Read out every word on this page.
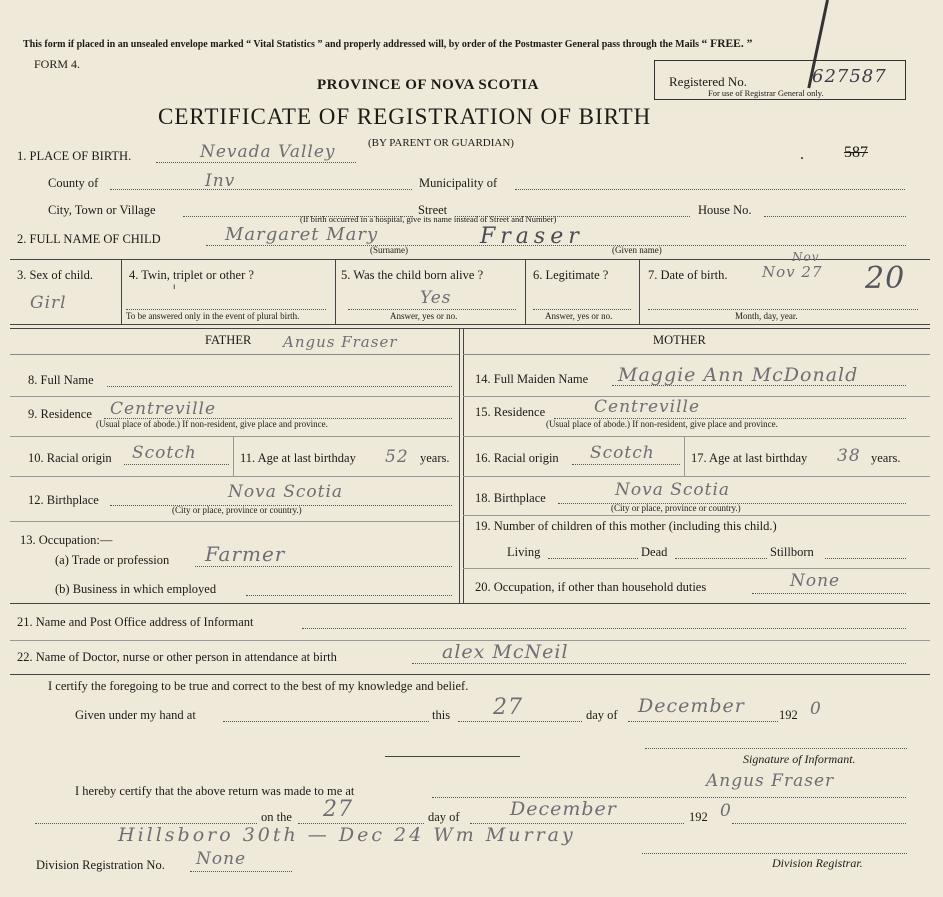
This form if placed in an unsealed envelope marked “ Vital Statistics ” and properly addressed will, by order of the Postmaster General pass through the Mails “ FREE. ”
FORM 4.
PROVINCE OF NOVA SCOTIA
CERTIFICATE OF REGISTRATION OF BIRTH
(BY PARENT OR GUARDIAN)
Registered No.	627587
For use of Registrar General only.
.	587
1. PLACE OF BIRTH.	Nevada Valley
County of	Inv	Municipality of
City, Town or Village	Street	House No.
(If birth occurred in a hospital, give its name instead of Street and Number)
2. FULL NAME OF CHILD	Margaret Mary	Fraser
(Surname)	(Given name)
3. Sex of child.
Girl
4. Twin, triplet or other ?
'
To be answered only in the event of plural birth.
5. Was the child born alive ?
Yes
Answer, yes or no.
6. Legitimate ?
Answer, yes or no.
7. Date of birth. Nov 27
Nov
20
Month, day, year.
FATHER Angus Fraser	MOTHER
8. Full Name
9. Residence Centreville
(Usual place of abode.) If non-resident, give place and province.
10. Racial origin Scotch	11. Age at last birthday 52 years.
12. Birthplace	Nova Scotia
(City or place, province or country.)
13. Occupation:—
(a) Trade or profession Farmer
(b) Business in which employed
14. Full Maiden Name Maggie Ann McDonald
15. Residence	Centreville
(Usual place of abode.) If non-resident, give place and province.
16. Racial origin Scotch	17. Age at last birthday 38 years.
18. Birthplace	Nova Scotia
(City or place, province or country.)
19. Number of children of this mother (including this child.)
Living	Dead	Stillborn
20. Occupation, if other than household duties	None
21. Name and Post Office address of Informant
22. Name of Doctor, nurse or other person in attendance at birth	alex McNeil
I certify the foregoing to be true and correct to the best of my knowledge and belief.
Given under my hand at	this 27	day of December	192 0
Signature of Informant.
I hereby certify that the above return was made to me at	Angus Fraser
on the 27	day of	December	192 0
Hillsboro 30th — Dec 24 Wm Murray
Division Registration No. None	Division Registrar.
